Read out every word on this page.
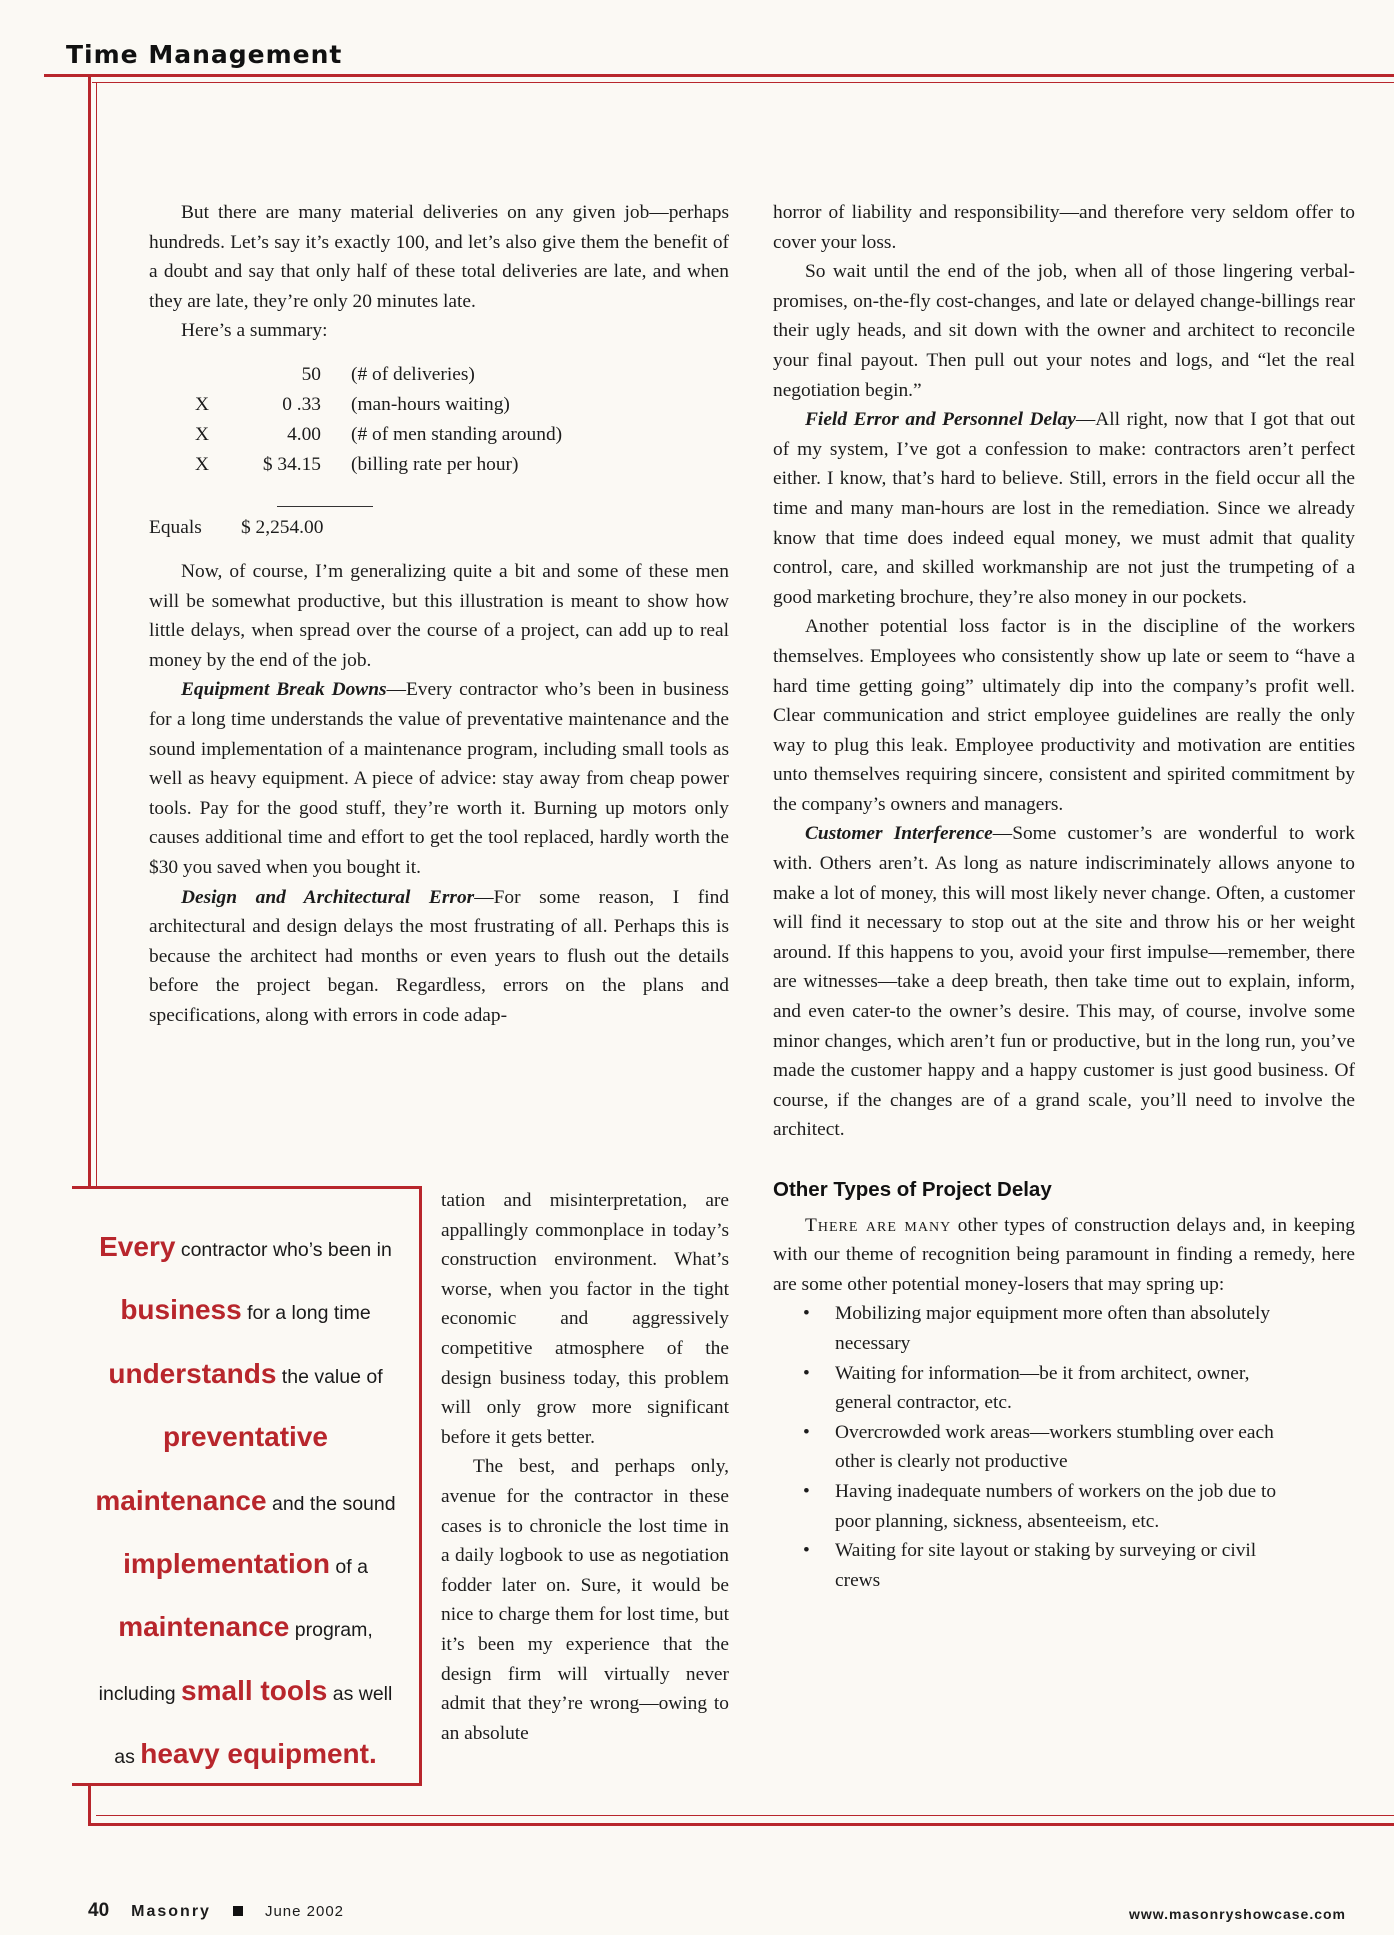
Time Management

But there are many material deliveries on any given job—perhaps hundreds. Let’s say it’s exactly 100, and let’s also give them the benefit of a doubt and say that only half of these total deliveries are late, and when they are late, they’re only 20 minutes late.

Here’s a summary:

50	(# of deliveries)
X	0 .33	(man-hours waiting)
X	4.00	(# of men standing around)
X	$ 34.15	(billing rate per hour)
Equals	$ 2,254.00

Now, of course, I’m generalizing quite a bit and some of these men will be somewhat productive, but this illustration is meant to show how little delays, when spread over the course of a project, can add up to real money by the end of the job.

Equipment Break Downs—Every contractor who’s been in business for a long time understands the value of preventative maintenance and the sound implementation of a maintenance program, including small tools as well as heavy equipment. A piece of advice: stay away from cheap power tools. Pay for the good stuff, they’re worth it. Burning up motors only causes additional time and effort to get the tool replaced, hardly worth the $30 you saved when you bought it.

Design and Architectural Error—For some reason, I find architectural and design delays the most frustrating of all. Perhaps this is because the architect had months or even years to flush out the details before the project began. Regardless, errors on the plans and specifications, along with errors in code adap-

Every contractor who’s been in business for a long time understands the value of preventative maintenance and the sound implementation of a maintenance program, including small tools as well as heavy equipment.

tation and misinterpretation, are appallingly commonplace in today’s construction environment. What’s worse, when you factor in the tight economic and aggressively competitive atmosphere of the design business today, this problem will only grow more significant before it gets better.

The best, and perhaps only, avenue for the contractor in these cases is to chronicle the lost time in a daily logbook to use as negotiation fodder later on. Sure, it would be nice to charge them for lost time, but it’s been my experience that the design firm will virtually never admit that they’re wrong—owing to an absolute

horror of liability and responsibility—and therefore very seldom offer to cover your loss.

So wait until the end of the job, when all of those lingering verbal-promises, on-the-fly cost-changes, and late or delayed change-billings rear their ugly heads, and sit down with the owner and architect to reconcile your final payout. Then pull out your notes and logs, and “let the real negotiation begin.”

Field Error and Personnel Delay—All right, now that I got that out of my system, I’ve got a confession to make: contractors aren’t perfect either. I know, that’s hard to believe. Still, errors in the field occur all the time and many man-hours are lost in the remediation. Since we already know that time does indeed equal money, we must admit that quality control, care, and skilled workmanship are not just the trumpeting of a good marketing brochure, they’re also money in our pockets.

Another potential loss factor is in the discipline of the workers themselves. Employees who consistently show up late or seem to “have a hard time getting going” ultimately dip into the company’s profit well. Clear communication and strict employee guidelines are really the only way to plug this leak. Employee productivity and motivation are entities unto themselves requiring sincere, consistent and spirited commitment by the company’s owners and managers.

Customer Interference—Some customer’s are wonderful to work with. Others aren’t. As long as nature indiscriminately allows anyone to make a lot of money, this will most likely never change. Often, a customer will find it necessary to stop out at the site and throw his or her weight around. If this happens to you, avoid your first impulse—remember, there are witnesses—take a deep breath, then take time out to explain, inform, and even cater-to the owner’s desire. This may, of course, involve some minor changes, which aren’t fun or productive, but in the long run, you’ve made the customer happy and a happy customer is just good business. Of course, if the changes are of a grand scale, you’ll need to involve the architect.

Other Types of Project Delay

There are many other types of construction delays and, in keeping with our theme of recognition being paramount in finding a remedy, here are some other potential money-losers that may spring up:

• Mobilizing major equipment more often than absolutely necessary
• Waiting for information—be it from architect, owner, general contractor, etc.
• Overcrowded work areas—workers stumbling over each other is clearly not productive
• Having inadequate numbers of workers on the job due to poor planning, sickness, absenteeism, etc.
• Waiting for site layout or staking by surveying or civil crews
40 Masonry	June 2002	www.masonryshowcase.com
